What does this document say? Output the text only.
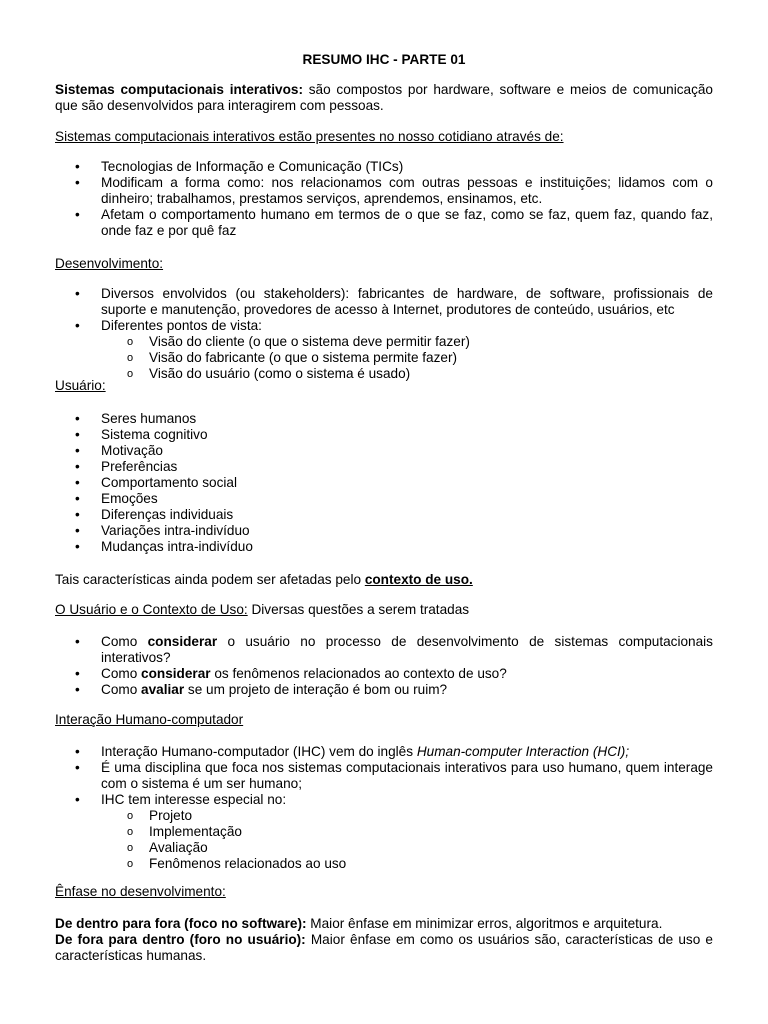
RESUMO IHC - PARTE 01
Sistemas computacionais interativos: são compostos por hardware, software e meios de comunicação que são desenvolvidos para interagirem com pessoas.
Sistemas computacionais interativos estão presentes no nosso cotidiano através de:
• Tecnologias de Informação e Comunicação (TICs)
• Modificam a forma como: nos relacionamos com outras pessoas e instituições; lidamos com o dinheiro; trabalhamos, prestamos serviços, aprendemos, ensinamos, etc.
• Afetam o comportamento humano em termos de o que se faz, como se faz, quem faz, quando faz, onde faz e por quê faz
Desenvolvimento:
• Diversos envolvidos (ou stakeholders): fabricantes de hardware, de software, profissionais de suporte e manutenção, provedores de acesso à Internet, produtores de conteúdo, usuários, etc
• Diferentes pontos de vista:
o Visão do cliente (o que o sistema deve permitir fazer)
o Visão do fabricante (o que o sistema permite fazer)
o Visão do usuário (como o sistema é usado)
Usuário:
• Seres humanos
• Sistema cognitivo
• Motivação
• Preferências
• Comportamento social
• Emoções
• Diferenças individuais
• Variações intra-indivíduo
• Mudanças intra-indivíduo
Tais características ainda podem ser afetadas pelo contexto de uso.
O Usuário e o Contexto de Uso: Diversas questões a serem tratadas
• Como considerar o usuário no processo de desenvolvimento de sistemas computacionais interativos?
• Como considerar os fenômenos relacionados ao contexto de uso?
• Como avaliar se um projeto de interação é bom ou ruim?
Interação Humano-computador
• Interação Humano-computador (IHC) vem do inglês Human-computer Interaction (HCI);
• É uma disciplina que foca nos sistemas computacionais interativos para uso humano, quem interage com o sistema é um ser humano;
• IHC tem interesse especial no:
o Projeto
o Implementação
o Avaliação
o Fenômenos relacionados ao uso
Ênfase no desenvolvimento:
De dentro para fora (foco no software): Maior ênfase em minimizar erros, algoritmos e arquitetura.
De fora para dentro (foro no usuário): Maior ênfase em como os usuários são, características de uso e características humanas.
